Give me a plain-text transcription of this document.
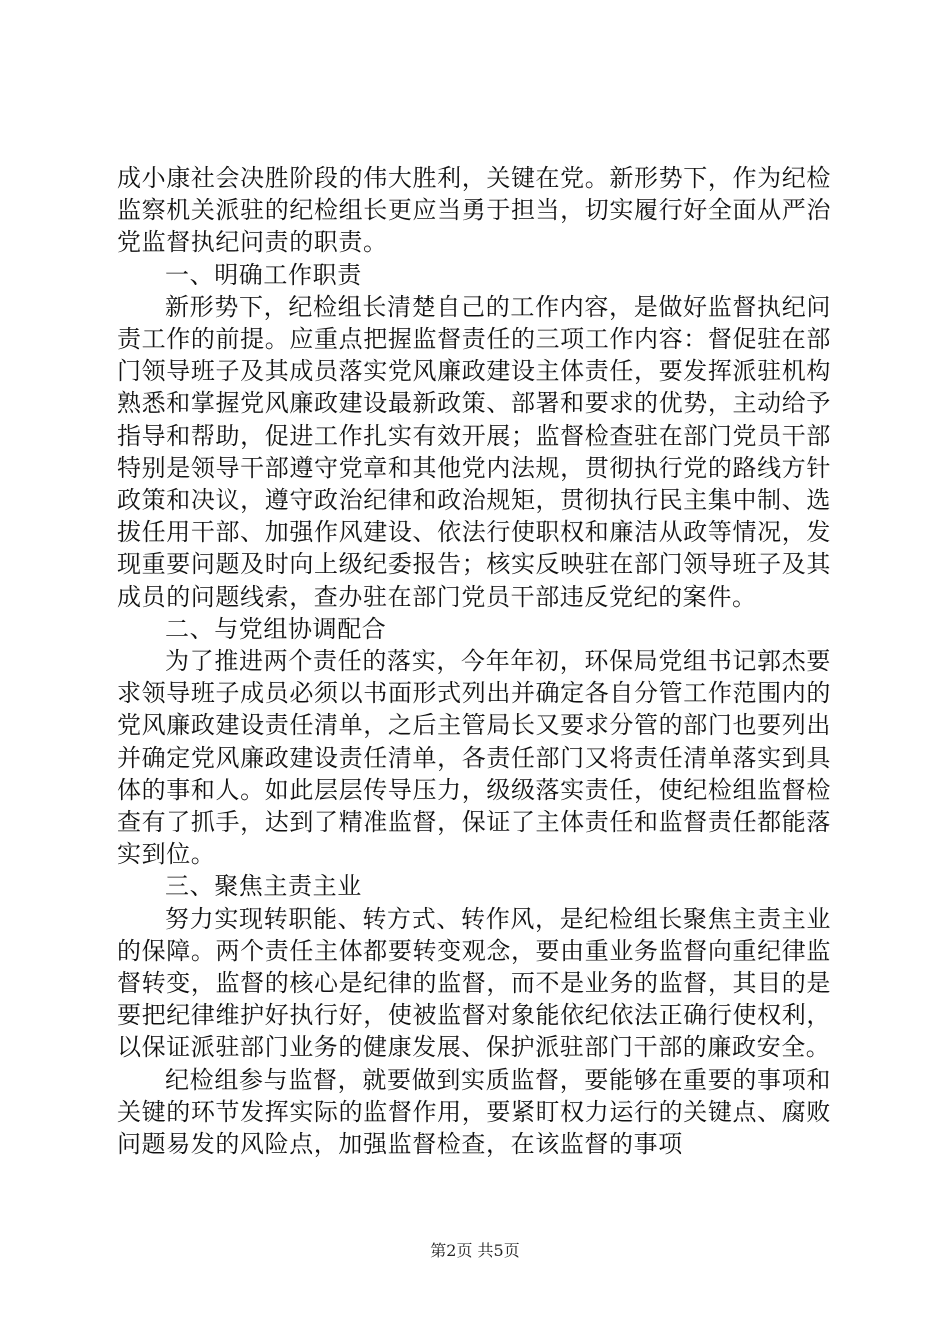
成小康社会决胜阶段的伟大胜利，关键在党。新形势下，作为纪检监察机关派驻的纪检组长更应当勇于担当，切实履行好全面从严治党监督执纪问责的职责。

一、明确工作职责

新形势下，纪检组长清楚自己的工作内容，是做好监督执纪问责工作的前提。应重点把握监督责任的三项工作内容：督促驻在部门领导班子及其成员落实党风廉政建设主体责任，要发挥派驻机构熟悉和掌握党风廉政建设最新政策、部署和要求的优势，主动给予指导和帮助，促进工作扎实有效开展；监督检查驻在部门党员干部特别是领导干部遵守党章和其他党内法规，贯彻执行党的路线方针政策和决议，遵守政治纪律和政治规矩，贯彻执行民主集中制、选拔任用干部、加强作风建设、依法行使职权和廉洁从政等情况，发现重要问题及时向上级纪委报告；核实反映驻在部门领导班子及其成员的问题线索，查办驻在部门党员干部违反党纪的案件。

二、与党组协调配合

为了推进两个责任的落实，今年年初，环保局党组书记郭杰要求领导班子成员必须以书面形式列出并确定各自分管工作范围内的党风廉政建设责任清单，之后主管局长又要求分管的部门也要列出并确定党风廉政建设责任清单，各责任部门又将责任清单落实到具体的事和人。如此层层传导压力，级级落实责任，使纪检组监督检查有了抓手，达到了精准监督，保证了主体责任和监督责任都能落实到位。

三、聚焦主责主业

努力实现转职能、转方式、转作风，是纪检组长聚焦主责主业的保障。两个责任主体都要转变观念，要由重业务监督向重纪律监督转变，监督的核心是纪律的监督，而不是业务的监督，其目的是要把纪律维护好执行好，使被监督对象能依纪依法正确行使权利，以保证派驻部门业务的健康发展、保护派驻部门干部的廉政安全。

纪检组参与监督，就要做到实质监督，要能够在重要的事项和关键的环节发挥实际的监督作用，要紧盯权力运行的关键点、腐败问题易发的风险点，加强监督检查，在该监督的事项

第2页 共5页
